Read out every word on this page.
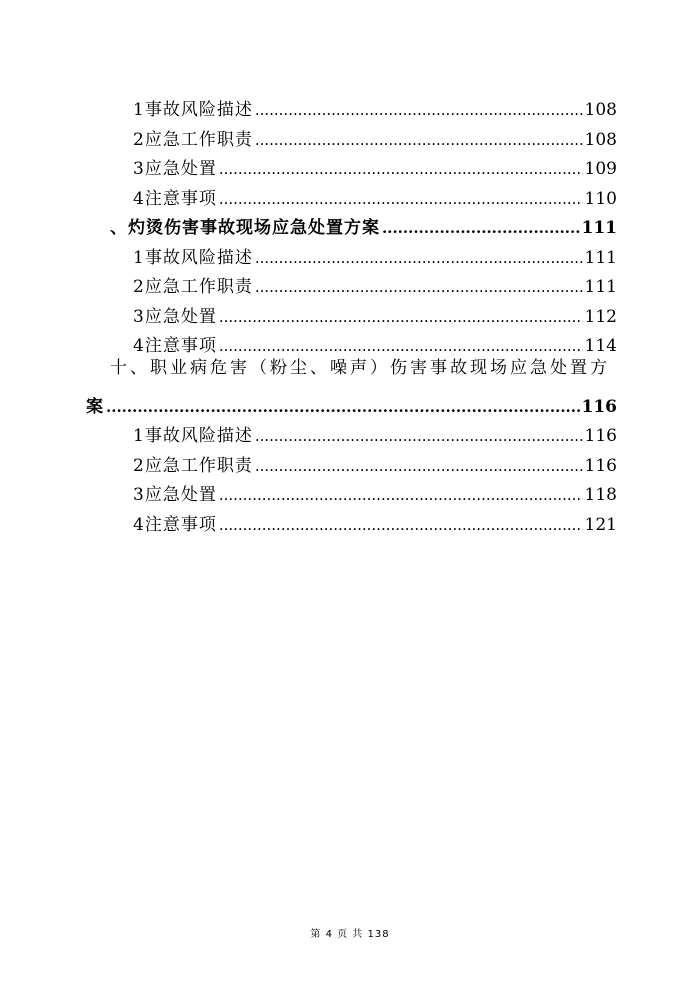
1事故风险描述 .....	108
2应急工作职责 .....	108
3应急处置 .....	109
4注意事项 .....	110
、灼烫伤害事故现场应急处置方案 .....	111
1事故风险描述 .....	111
2应急工作职责 .....	111
3应急处置 .....	112
4注意事项 .....	114
十、职业病危害（粉尘、噪声）伤害事故现场应急处置方
案 .....	116
1事故风险描述 .....	116
2应急工作职责 .....	116
3应急处置 .....	118
4注意事项 .....	121
第 4 页 共 138
